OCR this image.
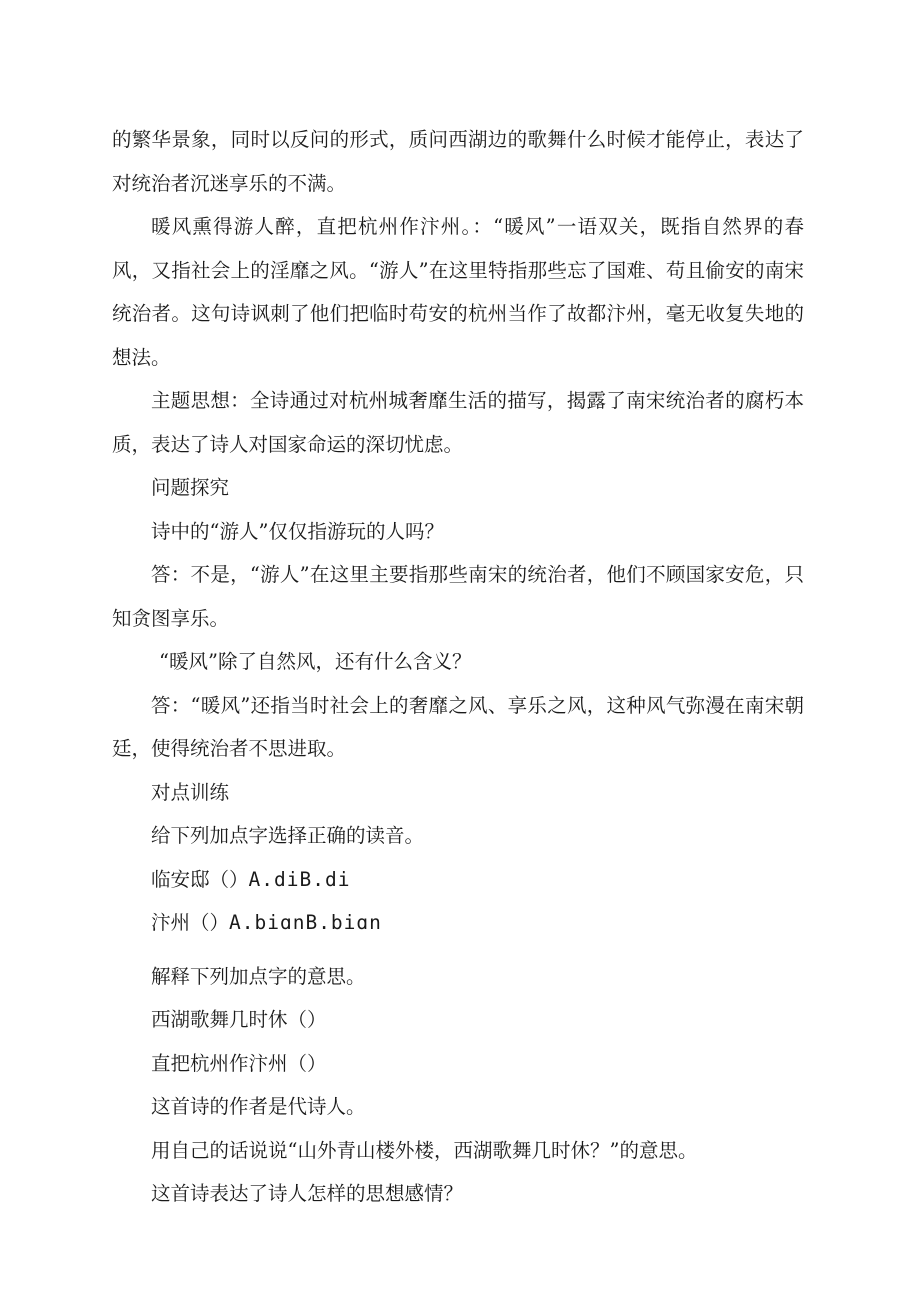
的繁华景象，同时以反问的形式，质问西湖边的歌舞什么时候才能停止，表达了对统治者沉迷享乐的不满。

暖风熏得游人醉，直把杭州作汴州。：“暖风”一语双关，既指自然界的春风，又指社会上的淫靡之风。“游人”在这里特指那些忘了国难、苟且偷安的南宋统治者。这句诗讽刺了他们把临时苟安的杭州当作了故都汴州，毫无收复失地的想法。

主题思想：全诗通过对杭州城奢靡生活的描写，揭露了南宋统治者的腐朽本质，表达了诗人对国家命运的深切忧虑。

问题探究

诗中的“游人”仅仅指游玩的人吗？

答：不是，“游人”在这里主要指那些南宋的统治者，他们不顾国家安危，只知贪图享乐。

“暖风”除了自然风，还有什么含义？

答：“暖风”还指当时社会上的奢靡之风、享乐之风，这种风气弥漫在南宋朝廷，使得统治者不思进取。

对点训练

给下列加点字选择正确的读音。

临安邸（）A.diB.di

汴州（）A.biɑnB.biɑn

解释下列加点字的意思。

西湖歌舞几时休（）

直把杭州作汴州（）

这首诗的作者是代诗人。

用自己的话说说“山外青山楼外楼，西湖歌舞几时休？”的意思。

这首诗表达了诗人怎样的思想感情？
